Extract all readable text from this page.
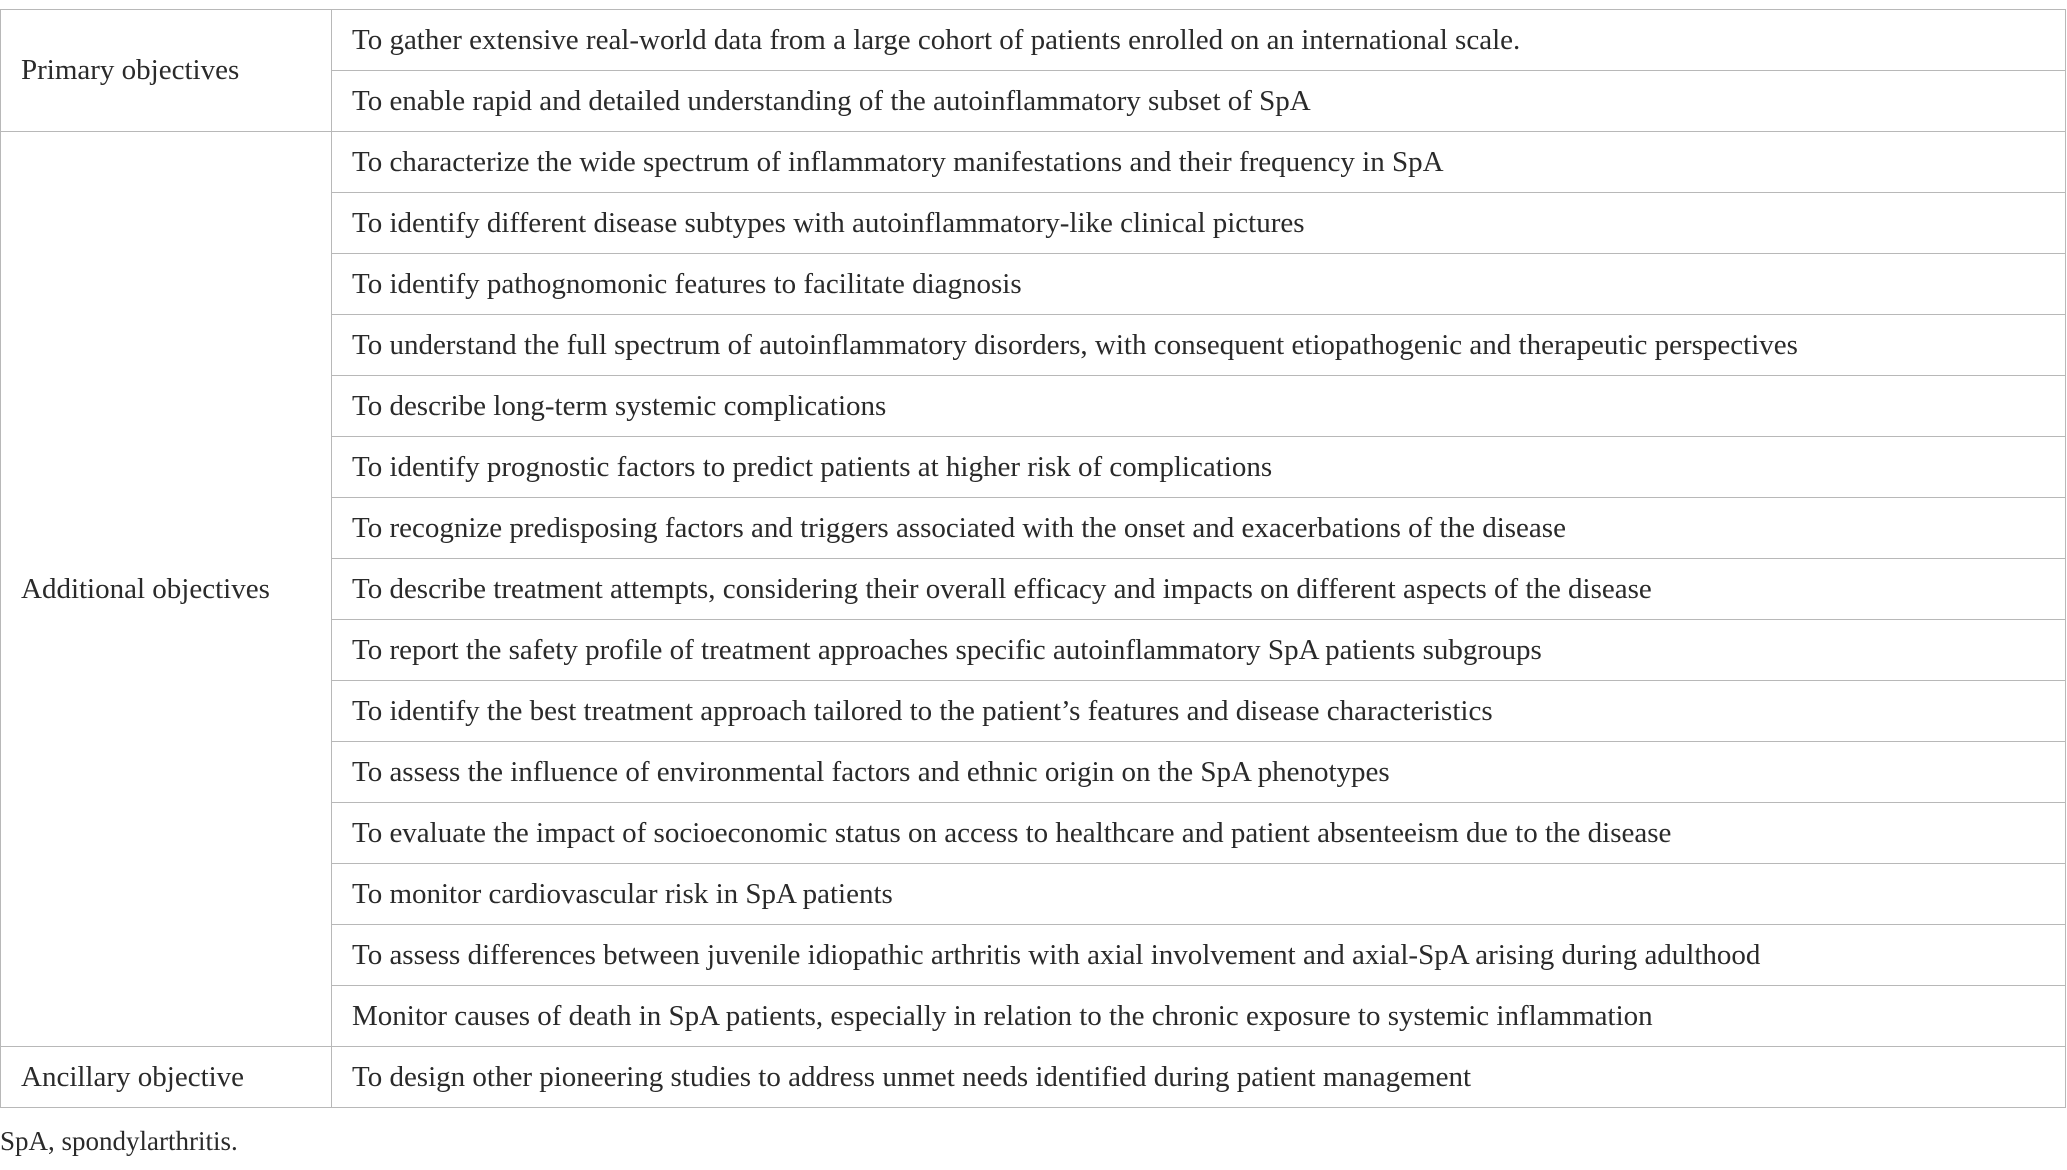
Primary objectives	To gather extensive real-world data from a large cohort of patients enrolled on an international scale.
	To enable rapid and detailed understanding of the autoinflammatory subset of SpA
Additional objectives	To characterize the wide spectrum of inflammatory manifestations and their frequency in SpA
	To identify different disease subtypes with autoinflammatory-like clinical pictures
	To identify pathognomonic features to facilitate diagnosis
	To understand the full spectrum of autoinflammatory disorders, with consequent etiopathogenic and therapeutic perspectives
	To describe long-term systemic complications
	To identify prognostic factors to predict patients at higher risk of complications
	To recognize predisposing factors and triggers associated with the onset and exacerbations of the disease
	To describe treatment attempts, considering their overall efficacy and impacts on different aspects of the disease
	To report the safety profile of treatment approaches specific autoinflammatory SpA patients subgroups
	To identify the best treatment approach tailored to the patient’s features and disease characteristics
	To assess the influence of environmental factors and ethnic origin on the SpA phenotypes
	To evaluate the impact of socioeconomic status on access to healthcare and patient absenteeism due to the disease
	To monitor cardiovascular risk in SpA patients
	To assess differences between juvenile idiopathic arthritis with axial involvement and axial-SpA arising during adulthood
	Monitor causes of death in SpA patients, especially in relation to the chronic exposure to systemic inflammation
Ancillary objective	To design other pioneering studies to address unmet needs identified during patient management
SpA, spondylarthritis.
